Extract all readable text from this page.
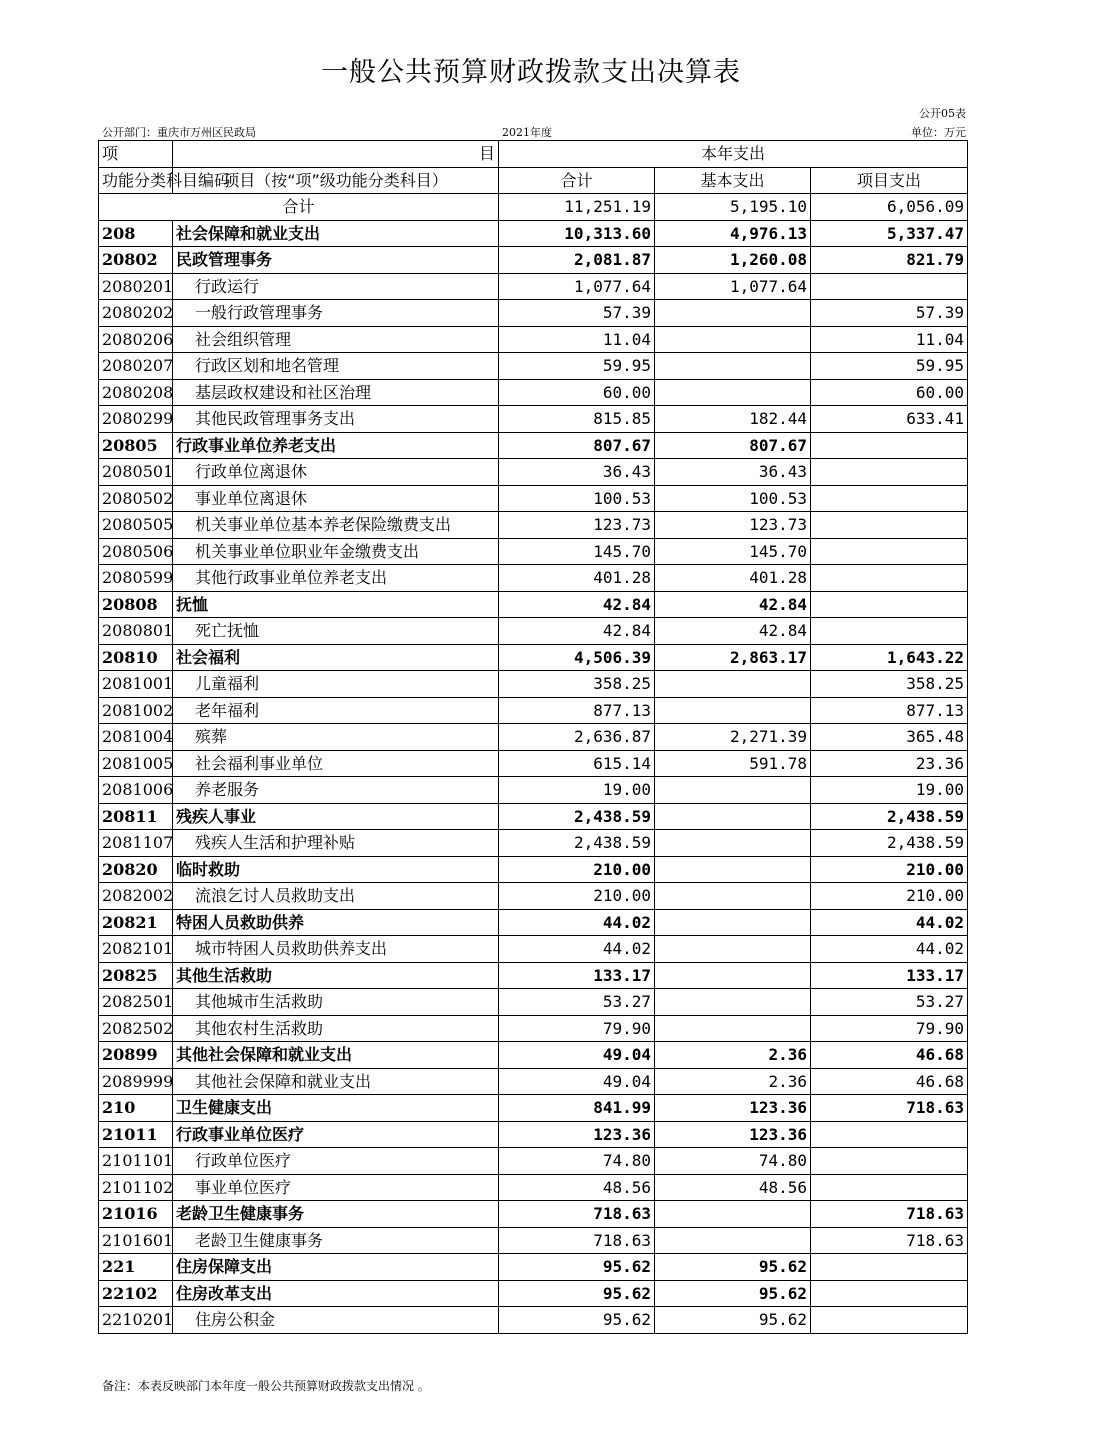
一般公共预算财政拨款支出决算表
公开05表
公开部门：重庆市万州区民政局	2021年度	单位：万元
项	目	本年支出		
功能分类科目编码	项目（按“项”级功能分类科目）	合计	基本支出	项目支出
合计		11,251.19	5,195.10	6,056.09
208	社会保障和就业支出	10,313.60	4,976.13	5,337.47
20802	民政管理事务	2,081.87	1,260.08	821.79
2080201	行政运行	1,077.64	1,077.64	
2080202	一般行政管理事务	57.39		57.39
2080206	社会组织管理	11.04		11.04
2080207	行政区划和地名管理	59.95		59.95
2080208	基层政权建设和社区治理	60.00		60.00
2080299	其他民政管理事务支出	815.85	182.44	633.41
20805	行政事业单位养老支出	807.67	807.67	
2080501	行政单位离退休	36.43	36.43	
2080502	事业单位离退休	100.53	100.53	
2080505	机关事业单位基本养老保险缴费支出	123.73	123.73	
2080506	机关事业单位职业年金缴费支出	145.70	145.70	
2080599	其他行政事业单位养老支出	401.28	401.28	
20808	抚恤	42.84	42.84	
2080801	死亡抚恤	42.84	42.84	
20810	社会福利	4,506.39	2,863.17	1,643.22
2081001	儿童福利	358.25		358.25
2081002	老年福利	877.13		877.13
2081004	殡葬	2,636.87	2,271.39	365.48
2081005	社会福利事业单位	615.14	591.78	23.36
2081006	养老服务	19.00		19.00
20811	残疾人事业	2,438.59		2,438.59
2081107	残疾人生活和护理补贴	2,438.59		2,438.59
20820	临时救助	210.00		210.00
2082002	流浪乞讨人员救助支出	210.00		210.00
20821	特困人员救助供养	44.02		44.02
2082101	城市特困人员救助供养支出	44.02		44.02
20825	其他生活救助	133.17		133.17
2082501	其他城市生活救助	53.27		53.27
2082502	其他农村生活救助	79.90		79.90
20899	其他社会保障和就业支出	49.04	2.36	46.68
2089999	其他社会保障和就业支出	49.04	2.36	46.68
210	卫生健康支出	841.99	123.36	718.63
21011	行政事业单位医疗	123.36	123.36	
2101101	行政单位医疗	74.80	74.80	
2101102	事业单位医疗	48.56	48.56	
21016	老龄卫生健康事务	718.63		718.63
2101601	老龄卫生健康事务	718.63		718.63
221	住房保障支出	95.62	95.62	
22102	住房改革支出	95.62	95.62	
2210201	住房公积金	95.62	95.62	
备注：本表反映部门本年度一般公共预算财政拨款支出情况 。
